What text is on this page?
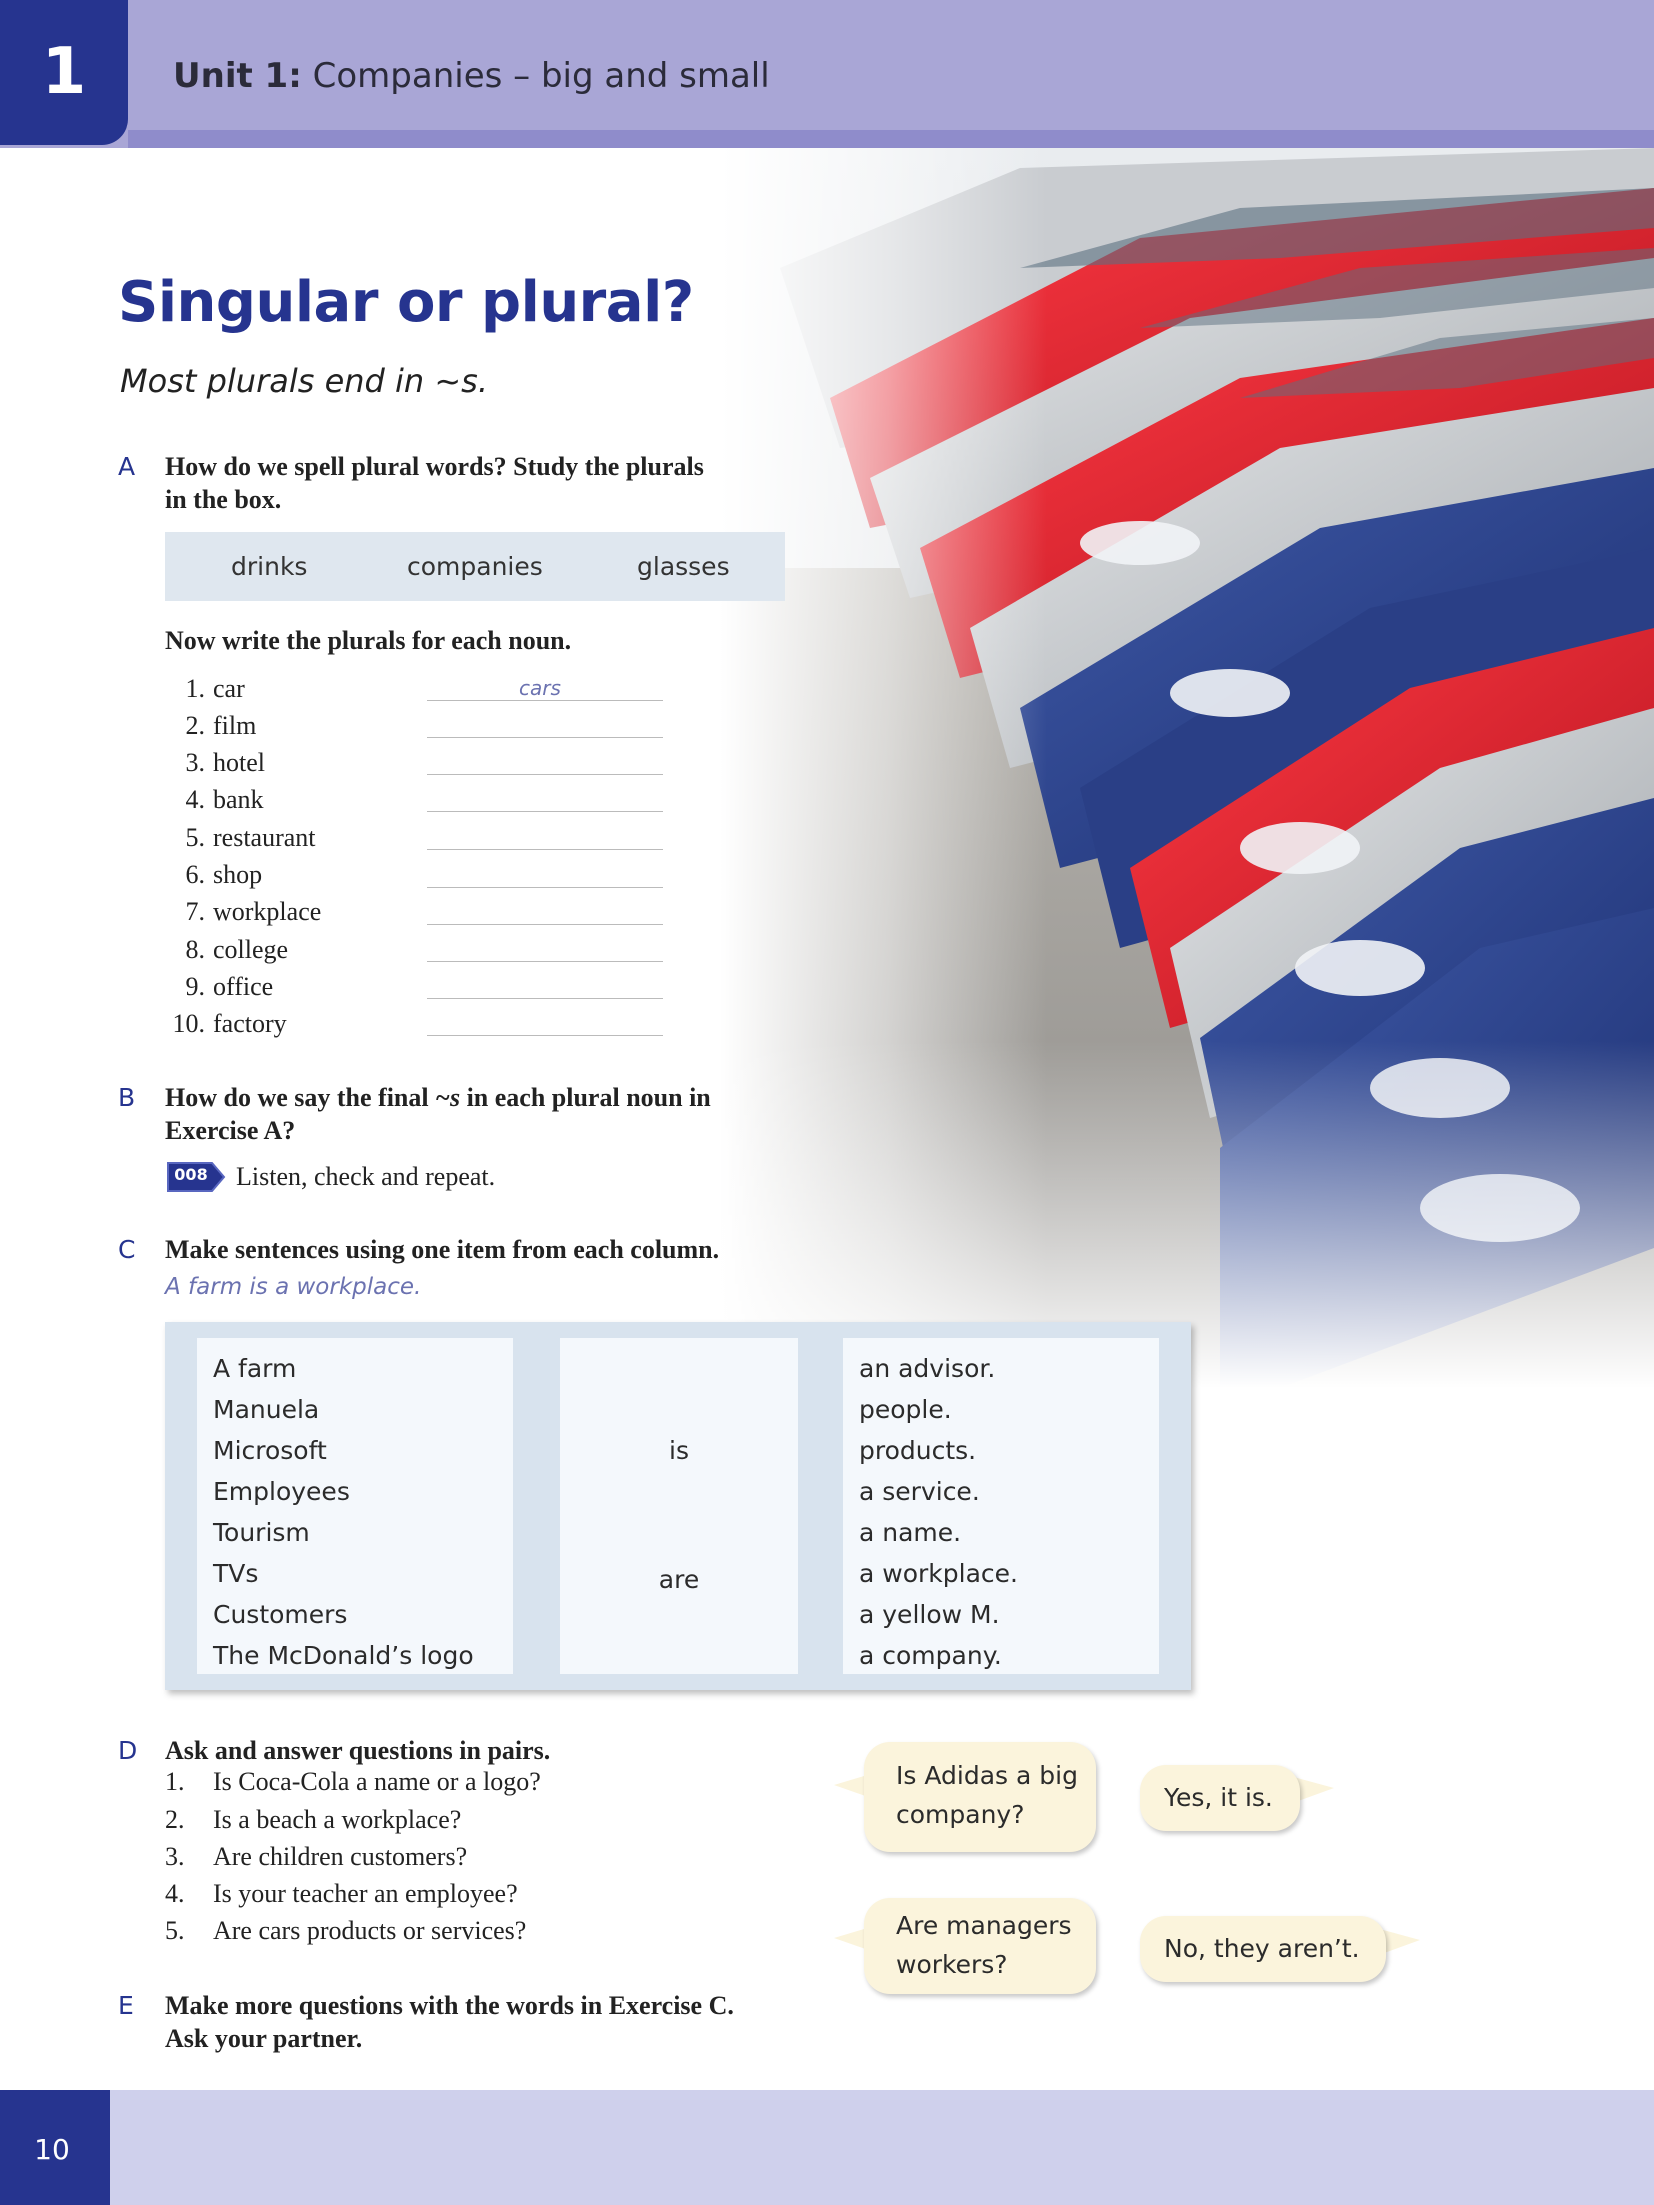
1	Unit 1: Companies – big and small
Singular or plural?
Most plurals end in ~s.
A How do we spell plural words? Study the plurals
in the box.
drinks	companies	glasses
Now write the plurals for each noun.
1. car	cars
2. film
3. hotel
4. bank
5. restaurant
6. shop
7. workplace
8. college
9. office
10. factory
B How do we say the final ~s in each plural noun in
Exercise A?
008 Listen, check and repeat.
C Make sentences using one item from each column.
A farm is a workplace.
A farm
Manuela
Microsoft
Employees
Tourism
TVs
Customers
The McDonald’s logo
is
are
an advisor.
people.
products.
a service.
a name.
a workplace.
a yellow M.
a company.
D Ask and answer questions in pairs.
1. Is Coca-Cola a name or a logo?
2. Is a beach a workplace?
3. Are children customers?
4. Is your teacher an employee?
5. Are cars products or services?
Is Adidas a big
company?
Yes, it is.
Are managers
workers?
No, they aren’t.
E Make more questions with the words in Exercise C.
Ask your partner.
10
